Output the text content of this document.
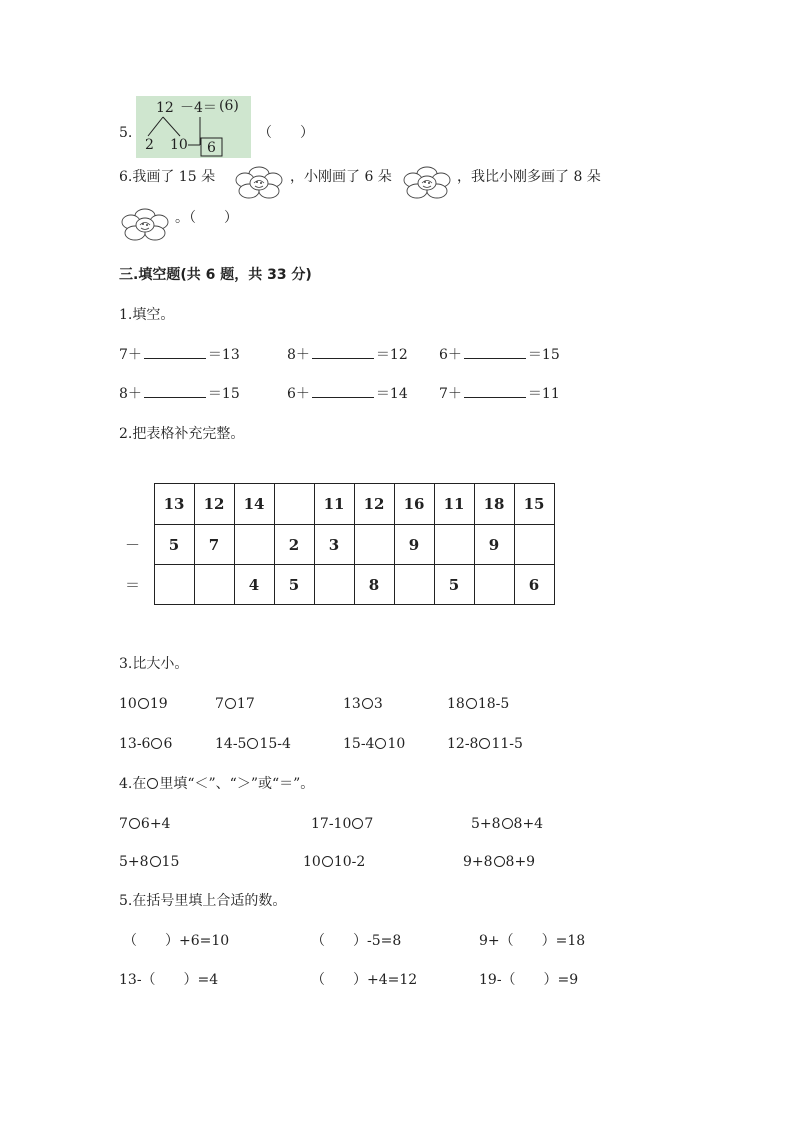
5.
12 －4＝ (6)
2 10 6
（　　）
6.我画了 15 朵	，小刚画了 6 朵	，我比小刚多画了 8 朵
。（　　）
三.填空题(共 6 题，共 33 分)
1.填空。
7＋	＝13	8＋	＝12 6＋	＝15
8＋	＝15	6＋	＝14 7＋	＝11
2.把表格补充完整。
	13	12	14		11	12	16	11	18	15
－	5	7		2	3		9		9	
＝			4	5		8		5		6
3.比大小。
10 19	7 17	13 3	18 18-5
13-6 6	14-5 15-4	15-4 10	12-8 11-5
4.在 里填“＜”、“＞”或“＝”。
7 6+4	17-10 7	5+8 8+4
5+8 15	10 10-2	9+8 8+9
5.在括号里填上合适的数。
（　　）+6=10	（　　）-5=8	9+（　　）=18
13-（　　）=4	（　　）+4=12	19-（　　）=9
